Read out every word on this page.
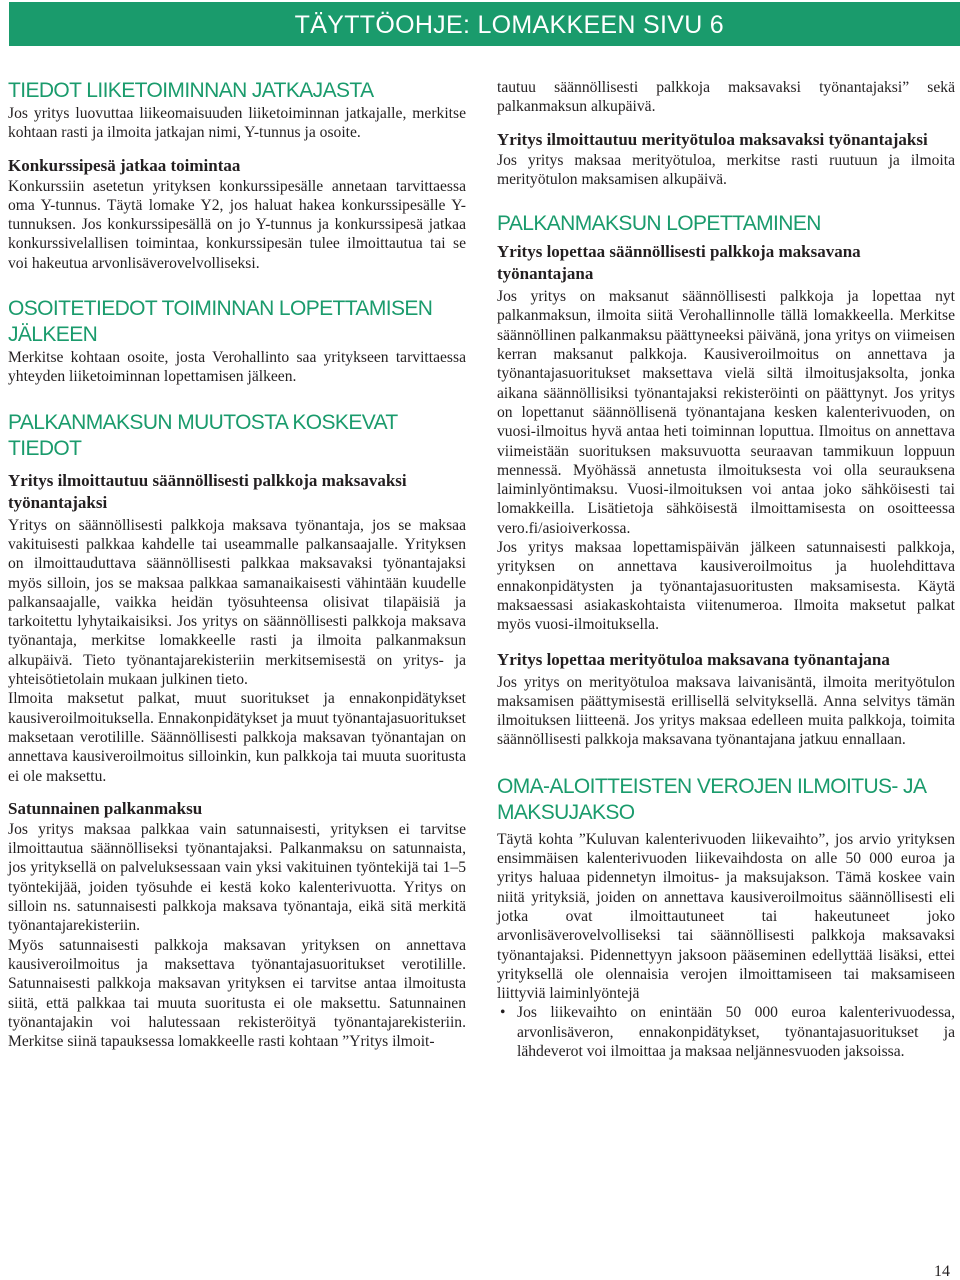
TÄYTTÖOHJE: LOMAKKEEN SIVU 6
TIEDOT LIIKETOIMINNAN JATKAJASTA

Jos yritys luovuttaa liikeomaisuuden liiketoiminnan jatkajalle, merkitse kohtaan rasti ja ilmoita jatkajan nimi, Y-tunnus ja osoite.

Konkurssipesä jatkaa toimintaa

Konkurssiin asetetun yrityksen konkurssipesälle annetaan tarvittaessa oma Y-tunnus. Täytä lomake Y2, jos haluat hakea konkurssipesälle Y-tunnuksen. Jos konkurssipesällä on jo Y-tunnus ja konkurssipesä jatkaa konkurssivelallisen toimintaa, konkurssipesän tulee ilmoittautua tai se voi hakeutua arvonlisäverovelvolliseksi.

OSOITETIEDOT TOIMINNAN LOPETTAMISEN JÄLKEEN

Merkitse kohtaan osoite, josta Verohallinto saa yritykseen tarvittaessa yhteyden liiketoiminnan lopettamisen jälkeen.

PALKANMAKSUN MUUTOSTA KOSKEVAT TIEDOT
Yritys ilmoittautuu säännöllisesti palkkoja maksavaksi työnantajaksi

Yritys on säännöllisesti palkkoja maksava työnantaja, jos se maksaa vakituisesti palkkaa kahdelle tai useammalle palkansaajalle. Yrityksen on ilmoittauduttava säännöllisesti palkkaa maksavaksi työnantajaksi myös silloin, jos se maksaa palkkaa samanaikaisesti vähintään kuudelle palkansaajalle, vaikka heidän työsuhteensa olisivat tilapäisiä ja tarkoitettu lyhytaikaisiksi. Jos yritys on säännöllisesti palkkoja maksava työnantaja, merkitse lomakkeelle rasti ja ilmoita palkanmaksun alkupäivä. Tieto työnantajarekisteriin merkitsemisestä on yritys- ja yhteisötietolain mukaan julkinen tieto.

Ilmoita maksetut palkat, muut suoritukset ja ennakonpidätykset kausiveroilmoituksella. Ennakonpidätykset ja muut työnantajasuoritukset maksetaan verotilille. Säännöllisesti palkkoja maksavan työnantajan on annettava kausiveroilmoitus silloinkin, kun palkkoja tai muuta suoritusta ei ole maksettu.

Satunnainen palkanmaksu

Jos yritys maksaa palkkaa vain satunnaisesti, yrityksen ei tarvitse ilmoittautua säännölliseksi työnantajaksi. Palkanmaksu on satunnaista, jos yrityksellä on palveluksessaan vain yksi vakituinen työntekijä tai 1–5 työntekijää, joiden työsuhde ei kestä koko kalenterivuotta. Yritys on silloin ns. satunnaisesti palkkoja maksava työnantaja, eikä sitä merkitä työnantajarekisteriin.

Myös satunnaisesti palkkoja maksavan yrityksen on annettava kausiveroilmoitus ja maksettava työnantajasuoritukset verotilille. Satunnaisesti palkkoja maksavan yrityksen ei tarvitse antaa ilmoitusta siitä, että palkkaa tai muuta suoritusta ei ole maksettu. Satunnainen työnantajakin voi halutessaan rekisteröityä työnantajarekisteriin. Merkitse siinä tapauksessa lomakkeelle rasti kohtaan ”Yritys ilmoit-

tautuu säännöllisesti palkkoja maksavaksi työnantajaksi” sekä palkanmaksun alkupäivä.

Yritys ilmoittautuu merityötuloa maksavaksi työnantajaksi

Jos yritys maksaa merityötuloa, merkitse rasti ruutuun ja ilmoita merityötulon maksamisen alkupäivä.

PALKANMAKSUN LOPETTAMINEN
Yritys lopettaa säännöllisesti palkkoja maksavana työnantajana

Jos yritys on maksanut säännöllisesti palkkoja ja lopettaa nyt palkanmaksun, ilmoita siitä Verohallinnolle tällä lomakkeella. Merkitse säännöllinen palkanmaksu päättyneeksi päivänä, jona yritys on viimeisen kerran maksanut palkkoja. Kausiveroilmoitus on annettava ja työnantajasuoritukset maksettava vielä siltä ilmoitusjaksolta, jonka aikana säännöllisiksi työnantajaksi rekisteröinti on päättynyt. Jos yritys on lopettanut säännöllisenä työnantajana kesken kalenterivuoden, on vuosi-ilmoitus hyvä antaa heti toiminnan loputtua. Ilmoitus on annettava viimeistään suorituksen maksuvuotta seuraavan tammikuun loppuun mennessä. Myöhässä annetusta ilmoituksesta voi olla seurauksena laiminlyöntimaksu. Vuosi-ilmoituksen voi antaa joko sähköisesti tai lomakkeilla. Lisätietoja sähköisestä ilmoittamisesta on osoitteessa vero.fi/asioiverkossa.

Jos yritys maksaa lopettamispäivän jälkeen satunnaisesti palkkoja, yrityksen on annettava kausiveroilmoitus ja huolehdittava ennakonpidätysten ja työnantajasuoritusten maksamisesta. Käytä maksaessasi asiakaskohtaista viitenumeroa. Ilmoita maksetut palkat myös vuosi-ilmoituksella.

Yritys lopettaa merityötuloa maksavana työnantajana

Jos yritys on merityötuloa maksava laivanisäntä, ilmoita merityötulon maksamisen päättymisestä erillisellä selvityksellä. Anna selvitys tämän ilmoituksen liitteenä. Jos yritys maksaa edelleen muita palkkoja, toimita säännöllisesti palkkoja maksavana työnantajana jatkuu ennallaan.

OMA-ALOITTEISTEN VEROJEN ILMOITUS- JA MAKSUJAKSO

Täytä kohta ”Kuluvan kalenterivuoden liikevaihto”, jos arvio yrityksen ensimmäisen kalenterivuoden liikevaihdosta on alle 50 000 euroa ja yritys haluaa pidennetyn ilmoitus- ja maksujakson. Tämä koskee vain niitä yrityksiä, joiden on annettava kausiveroilmoitus säännöllisesti eli jotka ovat ilmoittautuneet tai hakeutuneet joko arvonlisäverovelvolliseksi tai säännöllisesti palkkoja maksavaksi työnantajaksi. Pidennettyyn jaksoon pääseminen edellyttää lisäksi, ettei yrityksellä ole olennaisia verojen ilmoittamiseen tai maksamiseen liittyviä laiminlyöntejä

• Jos liikevaihto on enintään 50 000 euroa kalenterivuodessa, arvonlisäveron, ennakonpidätykset, työnantajasuoritukset ja lähdeverot voi ilmoittaa ja maksaa neljännesvuoden jaksoissa.
14
